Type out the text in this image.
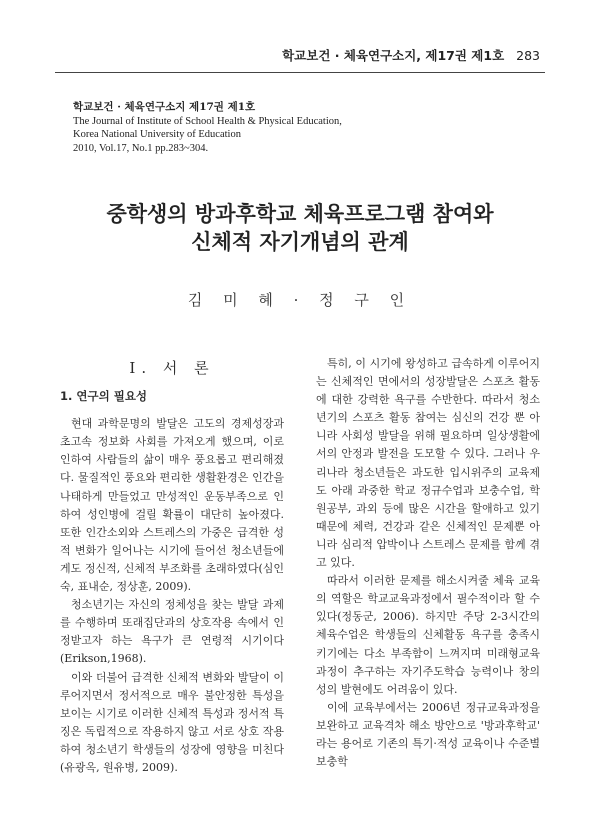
학교보건 · 체육연구소지, 제17권 제1호 283
학교보건 · 체육연구소지 제17권 제1호
The Journal of Institute of School Health & Physical Education,
Korea National University of Education
2010, Vol.17, No.1 pp.283~304.
중학생의 방과후학교 체육프로그램 참여와
신체적 자기개념의 관계
김 미 혜 · 정 구 인
Ⅰ. 서 론
1. 연구의 필요성

현대 과학문명의 발달은 고도의 경제성장과 초고속 정보화 사회를 가져오게 했으며, 이로 인하여 사람들의 삶이 매우 풍요롭고 편리해졌다. 물질적인 풍요와 편리한 생활환경은 인간을 나태하게 만들었고 만성적인 운동부족으로 인하여 성인병에 걸릴 확률이 대단히 높아졌다. 또한 인간소외와 스트레스의 가중은 급격한 성적 변화가 일어나는 시기에 들어선 청소년들에게도 정신적, 신체적 부조화를 초래하였다(심인숙, 표내순, 정상훈, 2009).

청소년기는 자신의 정체성을 찾는 발달 과제를 수행하며 또래집단과의 상호작용 속에서 인정받고자 하는 욕구가 큰 연령적 시기이다(Erikson,1968).

이와 더불어 급격한 신체적 변화와 발달이 이루어지면서 정서적으로 매우 불안정한 특성을 보이는 시기로 이러한 신체적 특성과 정서적 특징은 독립적으로 작용하지 않고 서로 상호 작용하여 청소년기 학생들의 성장에 영향을 미친다(유광옥, 원유병, 2009).

특히, 이 시기에 왕성하고 급속하게 이루어지는 신체적인 면에서의 성장발달은 스포츠 활동에 대한 강력한 욕구를 수반한다. 따라서 청소년기의 스포츠 활동 참여는 심신의 건강 뿐 아니라 사회성 발달을 위해 필요하며 일상생활에서의 안정과 발전을 도모할 수 있다. 그러나 우리나라 청소년들은 과도한 입시위주의 교육제도 아래 과중한 학교 정규수업과 보충수업, 학원공부, 과외 등에 많은 시간을 할애하고 있기 때문에 체력, 건강과 같은 신체적인 문제뿐 아니라 심리적 압박이나 스트레스 문제를 함께 겪고 있다.

따라서 이러한 문제를 해소시켜줄 체육 교육의 역할은 학교교육과정에서 필수적이라 할 수 있다(정동군, 2006). 하지만 주당 2-3시간의 체육수업은 학생들의 신체활동 욕구를 충족시키기에는 다소 부족함이 느껴지며 미래형교육과정이 추구하는 자기주도학습 능력이나 창의성의 발현에도 어려움이 있다.

이에 교육부에서는 2006년 정규교육과정을 보완하고 교육격차 해소 방안으로 '방과후학교' 라는 용어로 기존의 특기·적성 교육이나 수준별 보충학
